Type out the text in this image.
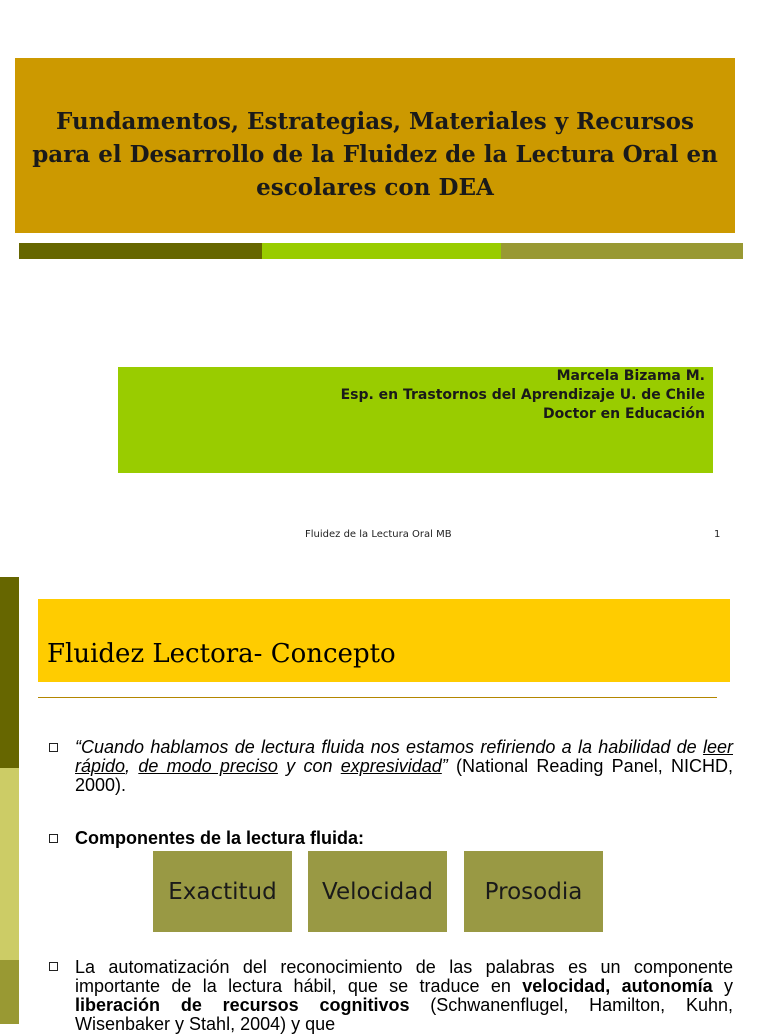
Fundamentos, Estrategias, Materiales y Recursos para el Desarrollo de la Fluidez de la Lectura Oral en escolares con DEA
Marcela Bizama M.
Esp. en Trastornos del Aprendizaje U. de Chile
Doctor en Educación
Fluidez de la Lectura Oral MB	1
Fluidez Lectora- Concepto
“Cuando hablamos de lectura fluida nos estamos refiriendo a la habilidad de leer rápido, de modo preciso y con expresividad” (National Reading Panel, NICHD, 2000).
Componentes de la lectura fluida:
Exactitud	Velocidad	Prosodia
La automatización del reconocimiento de las palabras es un componente importante de la lectura hábil, que se traduce en velocidad, autonomía y liberación de recursos cognitivos (Schwanenflugel, Hamilton, Kuhn, Wisenbaker y Stahl, 2004) y que
